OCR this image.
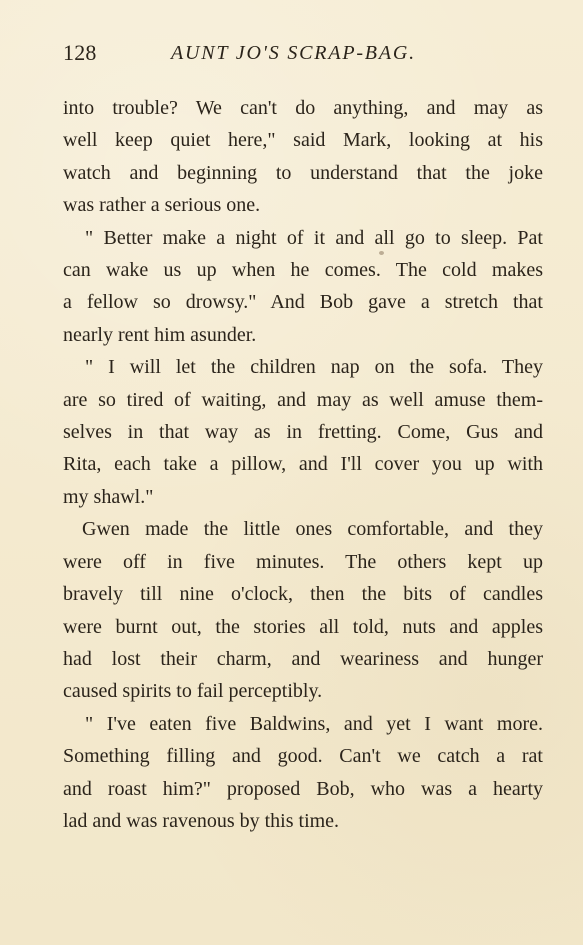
128	AUNT JO'S SCRAP-BAG.
into trouble? We can't do anything, and may as
well keep quiet here," said Mark, looking at his
watch and beginning to understand that the joke
was rather a serious one.
" Better make a night of it and all go to sleep. Pat
can wake us up when he comes. The cold makes
a fellow so drowsy." And Bob gave a stretch that
nearly rent him asunder.
" I will let the children nap on the sofa. They
are so tired of waiting, and may as well amuse them-
selves in that way as in fretting. Come, Gus and
Rita, each take a pillow, and I'll cover you up with
my shawl."
Gwen made the little ones comfortable, and they
were off in five minutes. The others kept up
bravely till nine o'clock, then the bits of candles
were burnt out, the stories all told, nuts and apples
had lost their charm, and weariness and hunger
caused spirits to fail perceptibly.
" I've eaten five Baldwins, and yet I want more.
Something filling and good. Can't we catch a rat
and roast him?" proposed Bob, who was a hearty
lad and was ravenous by this time.
